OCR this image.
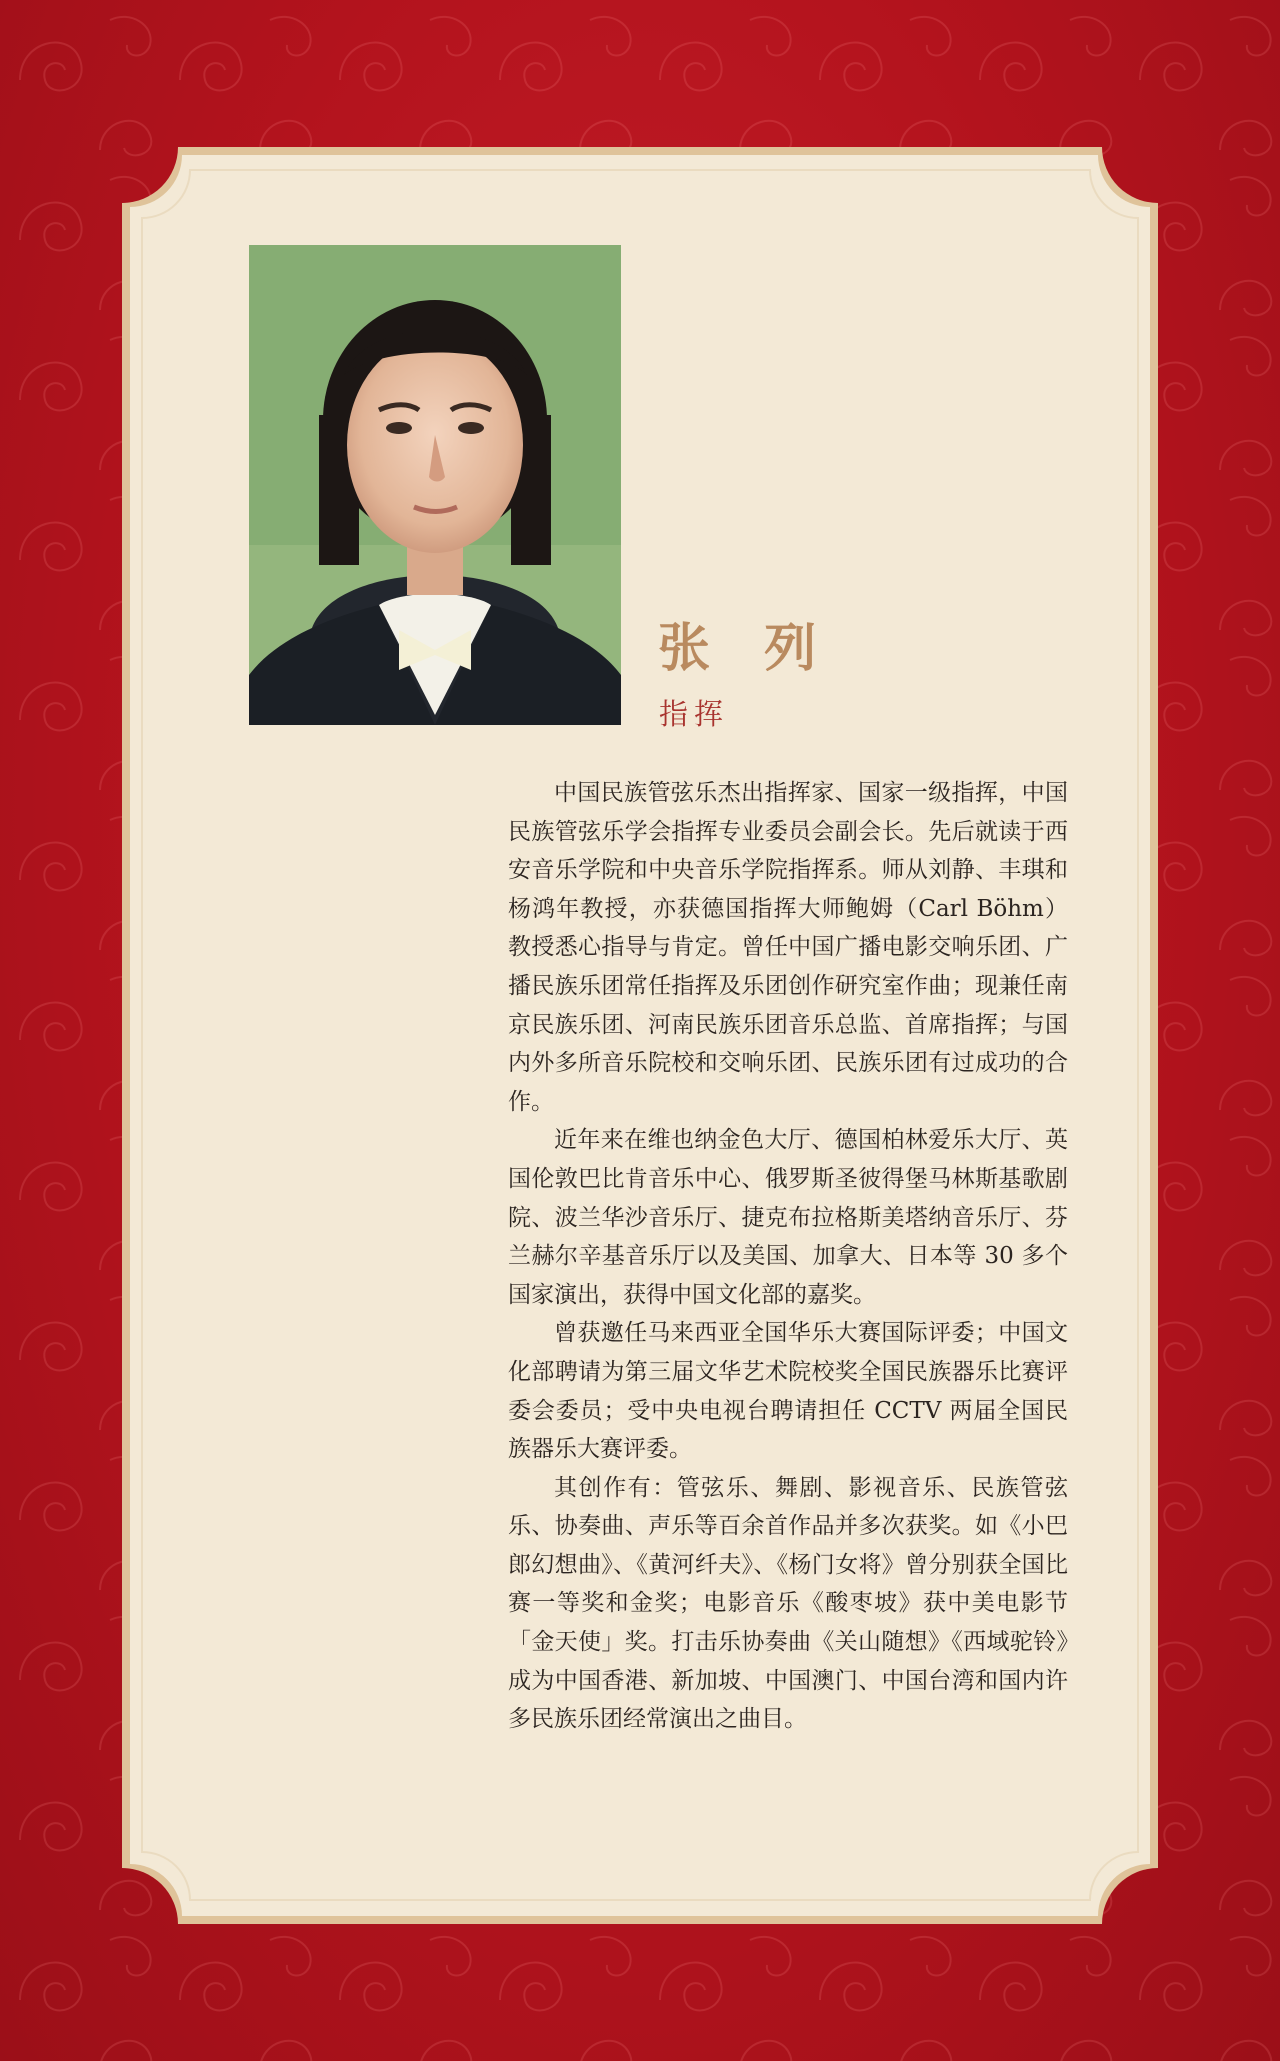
张 列
指挥

中国民族管弦乐杰出指挥家、国家一级指挥，中国民族管弦乐学会指挥专业委员会副会长。先后就读于西安音乐学院和中央音乐学院指挥系。师从刘静、丰琪和杨鸿年教授，亦获德国指挥大师鲍姆（Carl Böhm）教授悉心指导与肯定。曾任中国广播电影交响乐团、广播民族乐团常任指挥及乐团创作研究室作曲；现兼任南京民族乐团、河南民族乐团音乐总监、首席指挥；与国内外多所音乐院校和交响乐团、民族乐团有过成功的合作。

近年来在维也纳金色大厅、德国柏林爱乐大厅、英国伦敦巴比肯音乐中心、俄罗斯圣彼得堡马林斯基歌剧院、波兰华沙音乐厅、捷克布拉格斯美塔纳音乐厅、芬兰赫尔辛基音乐厅以及美国、加拿大、日本等 30 多个国家演出，获得中国文化部的嘉奖。

曾获邀任马来西亚全国华乐大赛国际评委；中国文化部聘请为第三届文华艺术院校奖全国民族器乐比赛评委会委员；受中央电视台聘请担任 CCTV 两届全国民族器乐大赛评委。

其创作有：管弦乐、舞剧、影视音乐、民族管弦乐、协奏曲、声乐等百余首作品并多次获奖。如《小巴郎幻想曲》、《黄河纤夫》、《杨门女将》曾分别获全国比赛一等奖和金奖；电影音乐《酸枣坡》获中美电影节「金天使」奖。打击乐协奏曲《关山随想》《西域驼铃》成为中国香港、新加坡、中国澳门、中国台湾和国内许多民族乐团经常演出之曲目。
